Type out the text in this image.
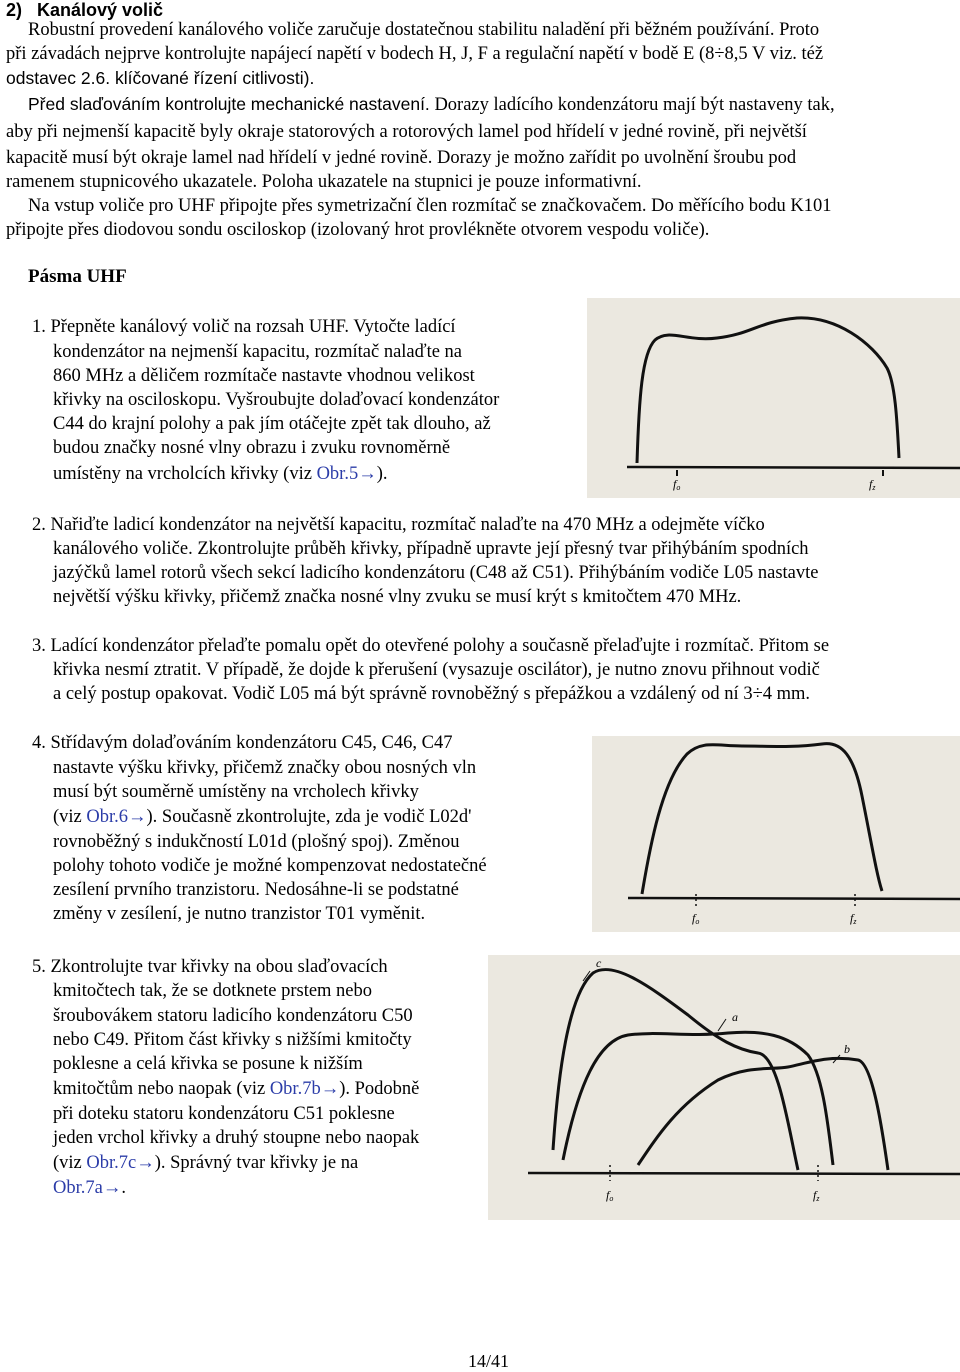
2)   Kanálový volič
Robustní provedení kanálového voliče zaručuje dostatečnou stabilitu naladění při běžném používání. Proto
při závadách nejprve kontrolujte napájecí napětí v bodech H, J, F a regulační napětí v bodě E (8÷8,5 V viz. též
odstavec 2.6. klíčované řízení citlivosti).
Před slaďováním kontrolujte mechanické nastavení. Dorazy ladícího kondenzátoru mají být nastaveny tak,
aby při nejmenší kapacitě byly okraje statorových a rotorových lamel pod hřídelí v jedné rovině, při největší
kapacitě musí být okraje lamel nad hřídelí v jedné rovině. Dorazy je možno zařídit po uvolnění šroubu pod
ramenem stupnicového ukazatele. Poloha ukazatele na stupnici je pouze informativní.
Na vstup voliče pro UHF připojte přes symetrizační člen rozmítač se značkovačem. Do měřícího bodu K101
připojte přes diodovou sondu osciloskop (izolovaný hrot provlékněte otvorem vespodu voliče).
Pásma UHF
1. Přepněte kanálový volič na rozsah UHF. Vytočte ladící
kondenzátor na nejmenší kapacitu, rozmítač nalaďte na
860 MHz a děličem rozmítače nastavte vhodnou velikost
křivky na osciloskopu. Vyšroubujte dolaďovací kondenzátor
C44 do krajní polohy a pak jím otáčejte zpět tak dlouho, až
budou značky nosné vlny obrazu i zvuku rovnoměrně
umístěny na vrcholcích křivky (viz Obr.5→).	fo	fz
2. Nařiďte ladicí kondenzátor na největší kapacitu, rozmítač nalaďte na 470 MHz a odejměte víčko
kanálového voliče. Zkontrolujte průběh křivky, případně upravte její přesný tvar přihýbáním spodních
jazýčků lamel rotorů všech sekcí ladicího kondenzátoru (C48 až C51). Přihýbáním vodiče L05 nastavte
největší výšku křivky, přičemž značka nosné vlny zvuku se musí krýt s kmitočtem 470 MHz.
3. Ladící kondenzátor přelaďte pomalu opět do otevřené polohy a současně přelaďujte i rozmítač. Přitom se
křivka nesmí ztratit. V případě, že dojde k přerušení (vysazuje oscilátor), je nutno znovu přihnout vodič
a celý postup opakovat. Vodič L05 má být správně rovnoběžný s přepážkou a vzdálený od ní 3÷4 mm.
4. Střídavým dolaďováním kondenzátoru C45, C46, C47
nastavte výšku křivky, přičemž značky obou nosných vln
musí být souměrně umístěny na vrcholech křivky
(viz Obr.6→). Současně zkontrolujte, zda je vodič L02d'
rovnoběžný s indukčností L01d (plošný spoj). Změnou
polohy tohoto vodiče je možné kompenzovat nedostatečné
zesílení prvního tranzistoru. Nedosáhne-li se podstatné
změny v zesílení, je nutno tranzistor T01 vyměnit.	fo	fz
5. Zkontrolujte tvar křivky na obou slaďovacích
kmitočtech tak, že se dotknete prstem nebo
šroubovákem statoru ladicího kondenzátoru C50
nebo C49. Přitom část křivky s nižšími kmitočty
poklesne a celá křivka se posune k nižším
kmitočtům nebo naopak (viz Obr.7b→). Podobně
při doteku statoru kondenzátoru C51 poklesne
jeden vrchol křivky a druhý stoupne nebo naopak
(viz Obr.7c→). Správný tvar křivky je na
Obr.7a→.	fo	fz
c
a
b
14/41
